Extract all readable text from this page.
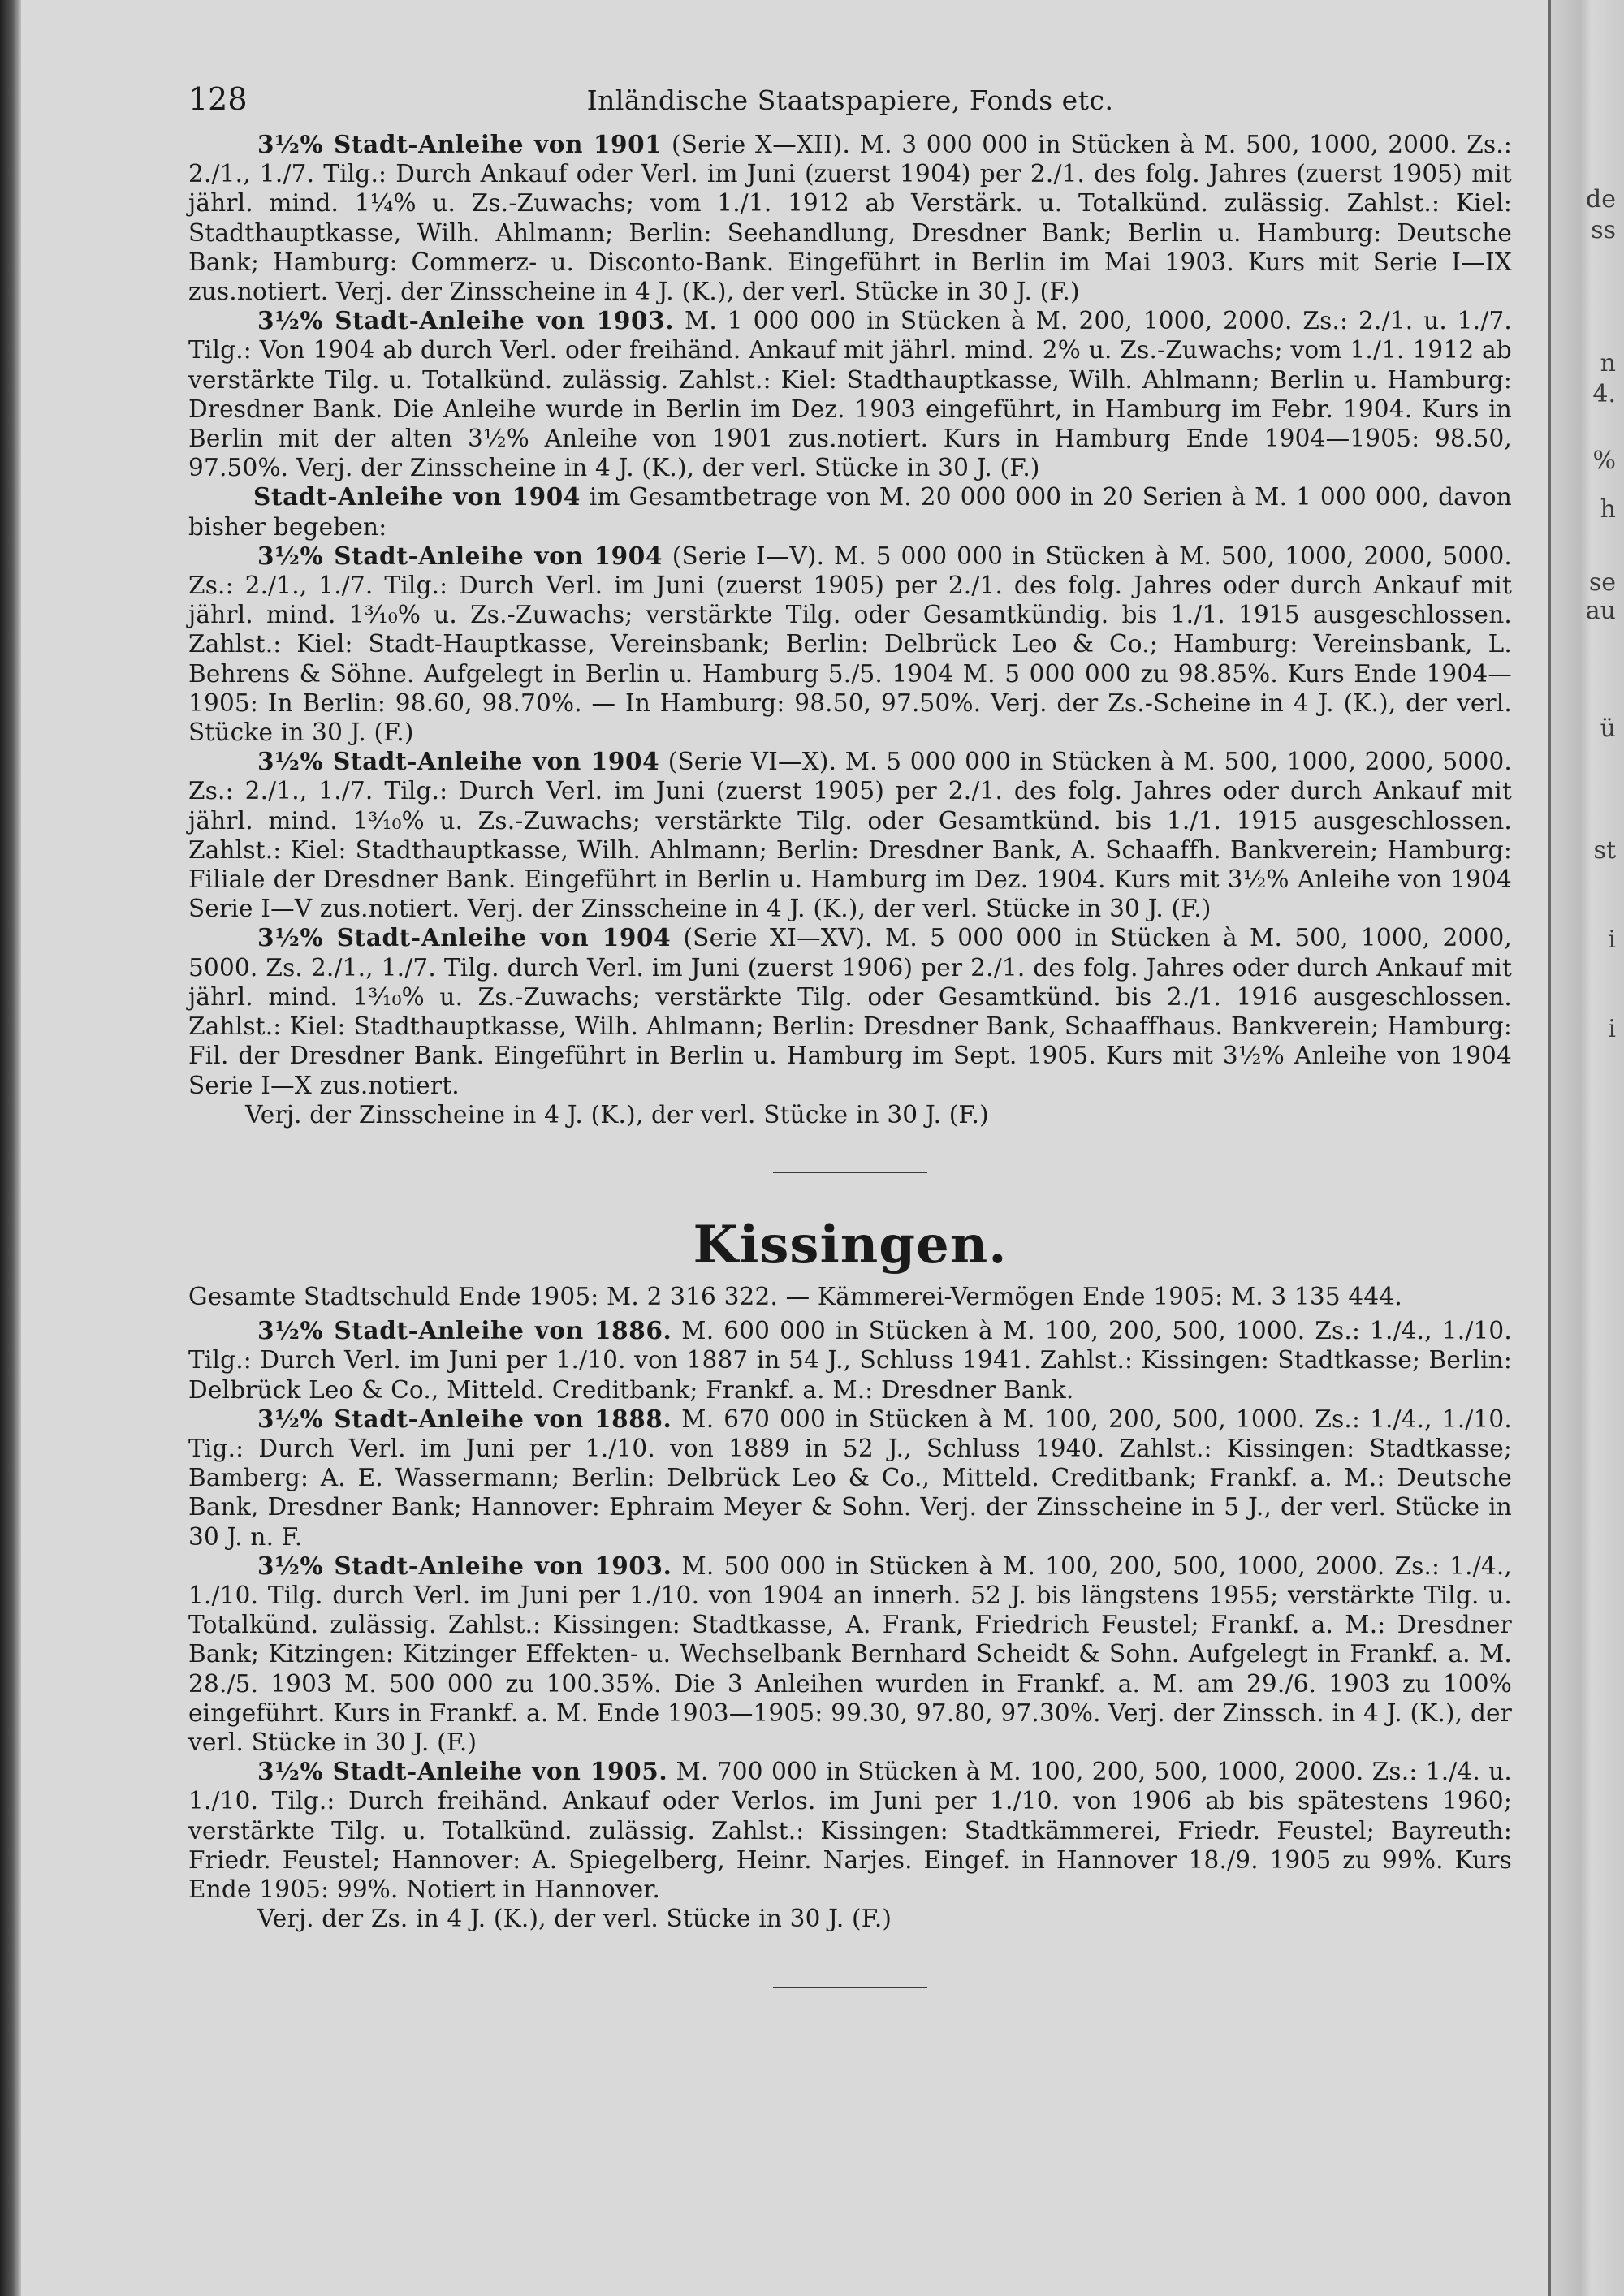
de
ss
n
4.
%
h
se
au
ü
st
i
i
128	Inländische Staatspapiere, Fonds etc.

3½% Stadt-Anleihe von 1901 (Serie X—XII). M. 3 000 000 in Stücken à M. 500, 1000, 2000. Zs.: 2./1., 1./7. Tilg.: Durch Ankauf oder Verl. im Juni (zuerst 1904) per 2./1. des folg. Jahres (zuerst 1905) mit jährl. mind. 1¼% u. Zs.-Zuwachs; vom 1./1. 1912 ab Verstärk. u. Totalkünd. zulässig. Zahlst.: Kiel: Stadthauptkasse, Wilh. Ahlmann; Berlin: Seehandlung, Dresdner Bank; Berlin u. Hamburg: Deutsche Bank; Hamburg: Commerz- u. Disconto-Bank. Eingeführt in Berlin im Mai 1903. Kurs mit Serie I—IX zus.notiert. Verj. der Zinsscheine in 4 J. (K.), der verl. Stücke in 30 J. (F.)

3½% Stadt-Anleihe von 1903. M. 1 000 000 in Stücken à M. 200, 1000, 2000. Zs.: 2./1. u. 1./7. Tilg.: Von 1904 ab durch Verl. oder freihänd. Ankauf mit jährl. mind. 2% u. Zs.-Zuwachs; vom 1./1. 1912 ab verstärkte Tilg. u. Totalkünd. zulässig. Zahlst.: Kiel: Stadthauptkasse, Wilh. Ahlmann; Berlin u. Hamburg: Dresdner Bank. Die Anleihe wurde in Berlin im Dez. 1903 eingeführt, in Hamburg im Febr. 1904. Kurs in Berlin mit der alten 3½% Anleihe von 1901 zus.notiert. Kurs in Hamburg Ende 1904—1905: 98.50, 97.50%. Verj. der Zinsscheine in 4 J. (K.), der verl. Stücke in 30 J. (F.)

Stadt-Anleihe von 1904 im Gesamtbetrage von M. 20 000 000 in 20 Serien à M. 1 000 000, davon bisher begeben:

3½% Stadt-Anleihe von 1904 (Serie I—V). M. 5 000 000 in Stücken à M. 500, 1000, 2000, 5000. Zs.: 2./1., 1./7. Tilg.: Durch Verl. im Juni (zuerst 1905) per 2./1. des folg. Jahres oder durch Ankauf mit jährl. mind. 1³⁄₁₀% u. Zs.-Zuwachs; verstärkte Tilg. oder Gesamtkündig. bis 1./1. 1915 ausgeschlossen. Zahlst.: Kiel: Stadt-Hauptkasse, Vereinsbank; Berlin: Delbrück Leo & Co.; Hamburg: Vereinsbank, L. Behrens & Söhne. Aufgelegt in Berlin u. Hamburg 5./5. 1904 M. 5 000 000 zu 98.85%. Kurs Ende 1904—1905: In Berlin: 98.60, 98.70%. — In Hamburg: 98.50, 97.50%. Verj. der Zs.-Scheine in 4 J. (K.), der verl. Stücke in 30 J. (F.)

3½% Stadt-Anleihe von 1904 (Serie VI—X). M. 5 000 000 in Stücken à M. 500, 1000, 2000, 5000. Zs.: 2./1., 1./7. Tilg.: Durch Verl. im Juni (zuerst 1905) per 2./1. des folg. Jahres oder durch Ankauf mit jährl. mind. 1³⁄₁₀% u. Zs.-Zuwachs; verstärkte Tilg. oder Gesamtkünd. bis 1./1. 1915 ausgeschlossen. Zahlst.: Kiel: Stadthauptkasse, Wilh. Ahlmann; Berlin: Dresdner Bank, A. Schaaffh. Bankverein; Hamburg: Filiale der Dresdner Bank. Eingeführt in Berlin u. Hamburg im Dez. 1904. Kurs mit 3½% Anleihe von 1904 Serie I—V zus.notiert. Verj. der Zinsscheine in 4 J. (K.), der verl. Stücke in 30 J. (F.)

3½% Stadt-Anleihe von 1904 (Serie XI—XV). M. 5 000 000 in Stücken à M. 500, 1000, 2000, 5000. Zs. 2./1., 1./7. Tilg. durch Verl. im Juni (zuerst 1906) per 2./1. des folg. Jahres oder durch Ankauf mit jährl. mind. 1³⁄₁₀% u. Zs.-Zuwachs; verstärkte Tilg. oder Gesamtkünd. bis 2./1. 1916 ausgeschlossen. Zahlst.: Kiel: Stadthauptkasse, Wilh. Ahlmann; Berlin: Dresdner Bank, Schaaffhaus. Bankverein; Hamburg: Fil. der Dresdner Bank. Eingeführt in Berlin u. Hamburg im Sept. 1905. Kurs mit 3½% Anleihe von 1904 Serie I—X zus.notiert.

Verj. der Zinsscheine in 4 J. (K.), der verl. Stücke in 30 J. (F.)

Kissingen.

Gesamte Stadtschuld Ende 1905: M. 2 316 322. — Kämmerei-Vermögen Ende 1905: M. 3 135 444.

3½% Stadt-Anleihe von 1886. M. 600 000 in Stücken à M. 100, 200, 500, 1000. Zs.: 1./4., 1./10. Tilg.: Durch Verl. im Juni per 1./10. von 1887 in 54 J., Schluss 1941. Zahlst.: Kissingen: Stadtkasse; Berlin: Delbrück Leo & Co., Mitteld. Creditbank; Frankf. a. M.: Dresdner Bank.

3½% Stadt-Anleihe von 1888. M. 670 000 in Stücken à M. 100, 200, 500, 1000. Zs.: 1./4., 1./10. Tig.: Durch Verl. im Juni per 1./10. von 1889 in 52 J., Schluss 1940. Zahlst.: Kissingen: Stadtkasse; Bamberg: A. E. Wassermann; Berlin: Delbrück Leo & Co., Mitteld. Creditbank; Frankf. a. M.: Deutsche Bank, Dresdner Bank; Hannover: Ephraim Meyer & Sohn. Verj. der Zinsscheine in 5 J., der verl. Stücke in 30 J. n. F.

3½% Stadt-Anleihe von 1903. M. 500 000 in Stücken à M. 100, 200, 500, 1000, 2000. Zs.: 1./4., 1./10. Tilg. durch Verl. im Juni per 1./10. von 1904 an innerh. 52 J. bis längstens 1955; verstärkte Tilg. u. Totalkünd. zulässig. Zahlst.: Kissingen: Stadtkasse, A. Frank, Friedrich Feustel; Frankf. a. M.: Dresdner Bank; Kitzingen: Kitzinger Effekten- u. Wechselbank Bernhard Scheidt & Sohn. Aufgelegt in Frankf. a. M. 28./5. 1903 M. 500 000 zu 100.35%. Die 3 Anleihen wurden in Frankf. a. M. am 29./6. 1903 zu 100% eingeführt. Kurs in Frankf. a. M. Ende 1903—1905: 99.30, 97.80, 97.30%. Verj. der Zinssch. in 4 J. (K.), der verl. Stücke in 30 J. (F.)

3½% Stadt-Anleihe von 1905. M. 700 000 in Stücken à M. 100, 200, 500, 1000, 2000. Zs.: 1./4. u. 1./10. Tilg.: Durch freihänd. Ankauf oder Verlos. im Juni per 1./10. von 1906 ab bis spätestens 1960; verstärkte Tilg. u. Totalkünd. zulässig. Zahlst.: Kissingen: Stadtkämmerei, Friedr. Feustel; Bayreuth: Friedr. Feustel; Hannover: A. Spiegelberg, Heinr. Narjes. Eingef. in Hannover 18./9. 1905 zu 99%. Kurs Ende 1905: 99%. Notiert in Hannover.

Verj. der Zs. in 4 J. (K.), der verl. Stücke in 30 J. (F.)
